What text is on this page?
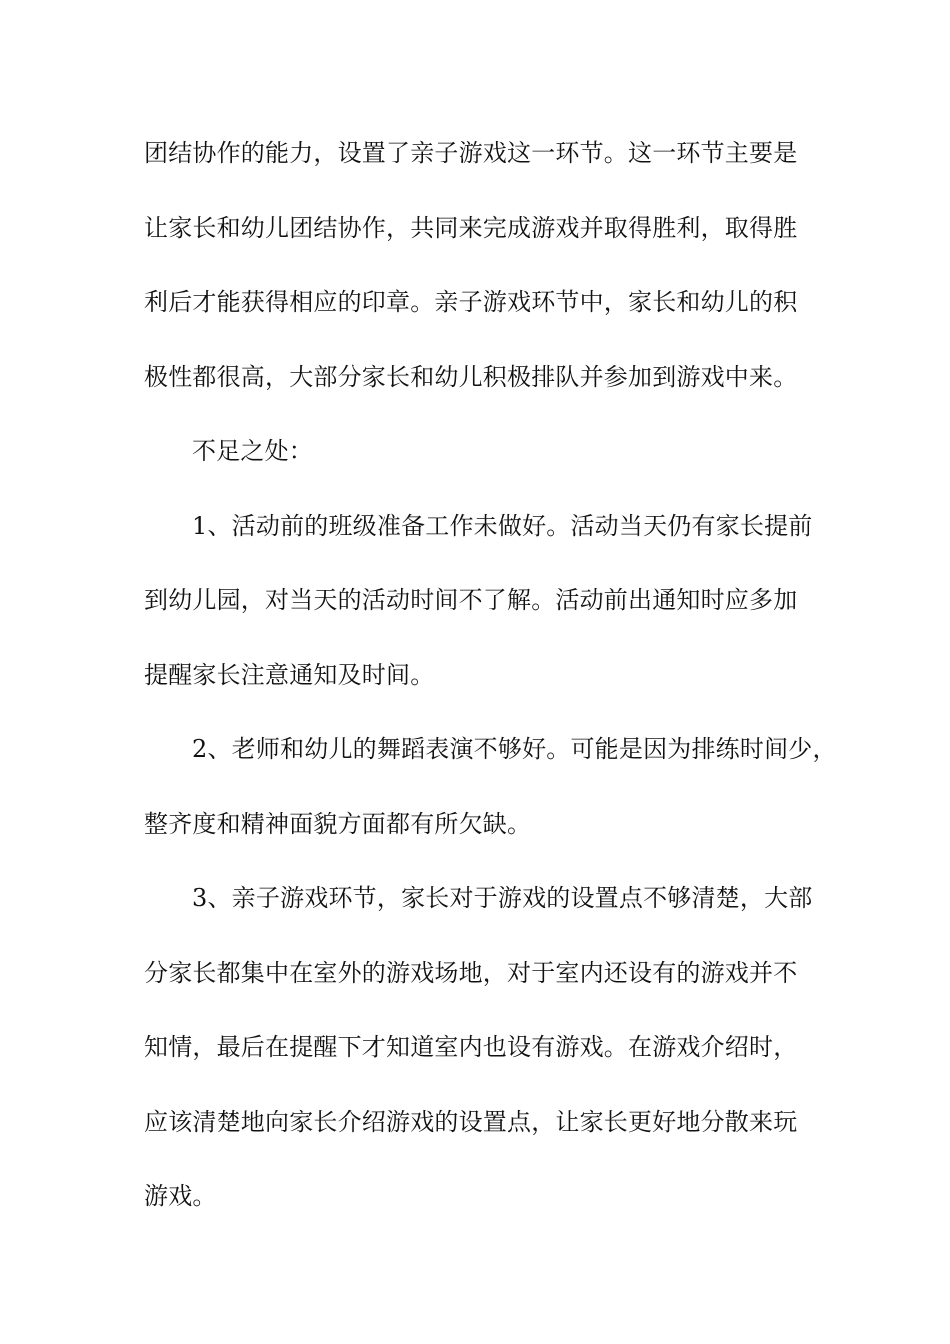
团结协作的能力，设置了亲子游戏这一环节。这一环节主要是
让家长和幼儿团结协作，共同来完成游戏并取得胜利，取得胜
利后才能获得相应的印章。亲子游戏环节中，家长和幼儿的积
极性都很高，大部分家长和幼儿积极排队并参加到游戏中来。
不足之处：
1、活动前的班级准备工作未做好。活动当天仍有家长提前
到幼儿园，对当天的活动时间不了解。活动前出通知时应多加
提醒家长注意通知及时间。
2、老师和幼儿的舞蹈表演不够好。可能是因为排练时间少，
整齐度和精神面貌方面都有所欠缺。
3、亲子游戏环节，家长对于游戏的设置点不够清楚，大部
分家长都集中在室外的游戏场地，对于室内还设有的游戏并不
知情，最后在提醒下才知道室内也设有游戏。在游戏介绍时，
应该清楚地向家长介绍游戏的设置点，让家长更好地分散来玩
游戏。
